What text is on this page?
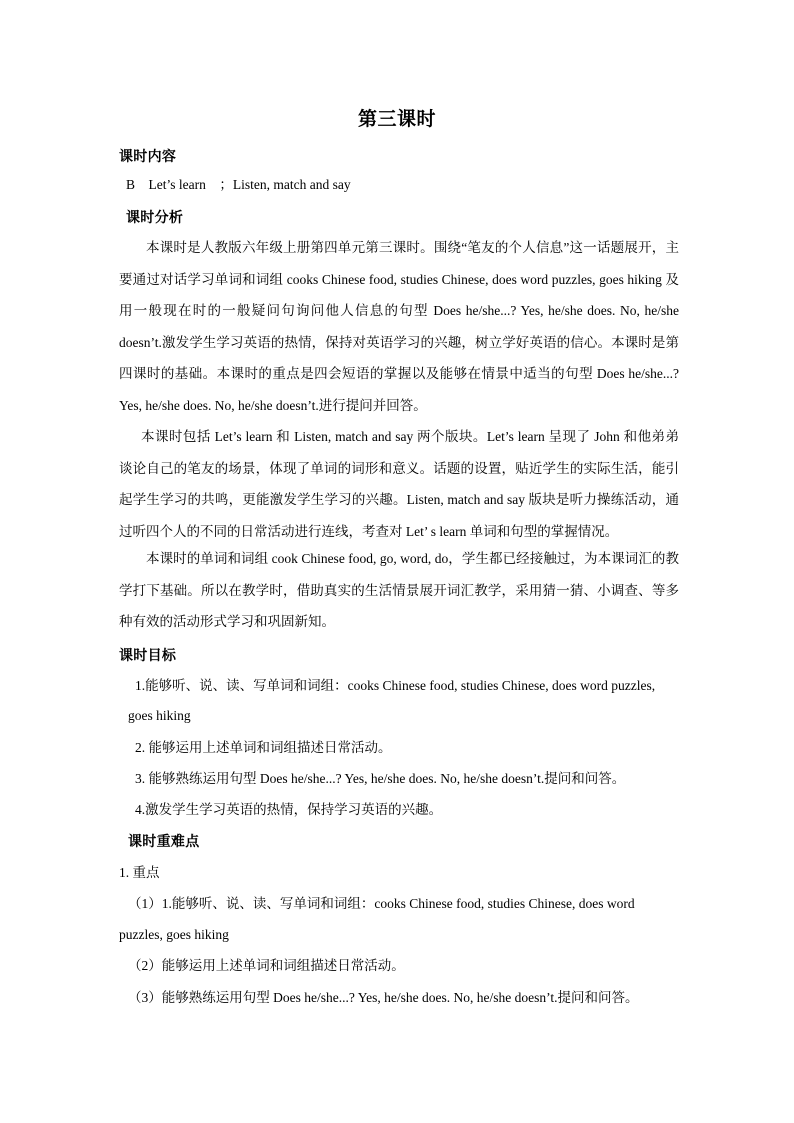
第三课时
课时内容
B　Let’s learn　；Listen, match and say
课时分析
本课时是人教版六年级上册第四单元第三课时。围绕“笔友的个人信息”这一话题展开，主要通过对话学习单词和词组 cooks Chinese food, studies Chinese, does word puzzles, goes hiking 及用一般现在时的一般疑问句询问他人信息的句型 Does he/she...? Yes, he/she does. No, he/she doesn’t.激发学生学习英语的热情，保持对英语学习的兴趣，树立学好英语的信心。本课时是第四课时的基础。本课时的重点是四会短语的掌握以及能够在情景中适当的句型 Does he/she...? Yes, he/she does. No, he/she doesn’t.进行提问并回答。
本课时包括 Let’s learn 和 Listen, match and say 两个版块。Let’s learn 呈现了 John 和他弟弟谈论自己的笔友的场景，体现了单词的词形和意义。话题的设置，贴近学生的实际生活，能引起学生学习的共鸣，更能激发学生学习的兴趣。Listen, match and say 版块是听力操练活动，通过听四个人的不同的日常活动进行连线，考查对 Let’ s learn 单词和句型的掌握情况。
本课时的单词和词组 cook Chinese food, go, word, do，学生都已经接触过，为本课词汇的教学打下基础。所以在教学时，借助真实的生活情景展开词汇教学，采用猜一猜、小调查、等多种有效的活动形式学习和巩固新知。
课时目标
1.能够听、说、读、写单词和词组：cooks Chinese food, studies Chinese, does word puzzles,
goes hiking
2. 能够运用上述单词和词组描述日常活动。
3. 能够熟练运用句型 Does he/she...? Yes, he/she does. No, he/she doesn’t.提问和问答。
4.激发学生学习英语的热情，保持学习英语的兴趣。
课时重难点
1. 重点
（1）1.能够听、说、读、写单词和词组：cooks Chinese food, studies Chinese, does word
puzzles, goes hiking
（2）能够运用上述单词和词组描述日常活动。
（3）能够熟练运用句型 Does he/she...? Yes, he/she does. No, he/she doesn’t.提问和问答。
